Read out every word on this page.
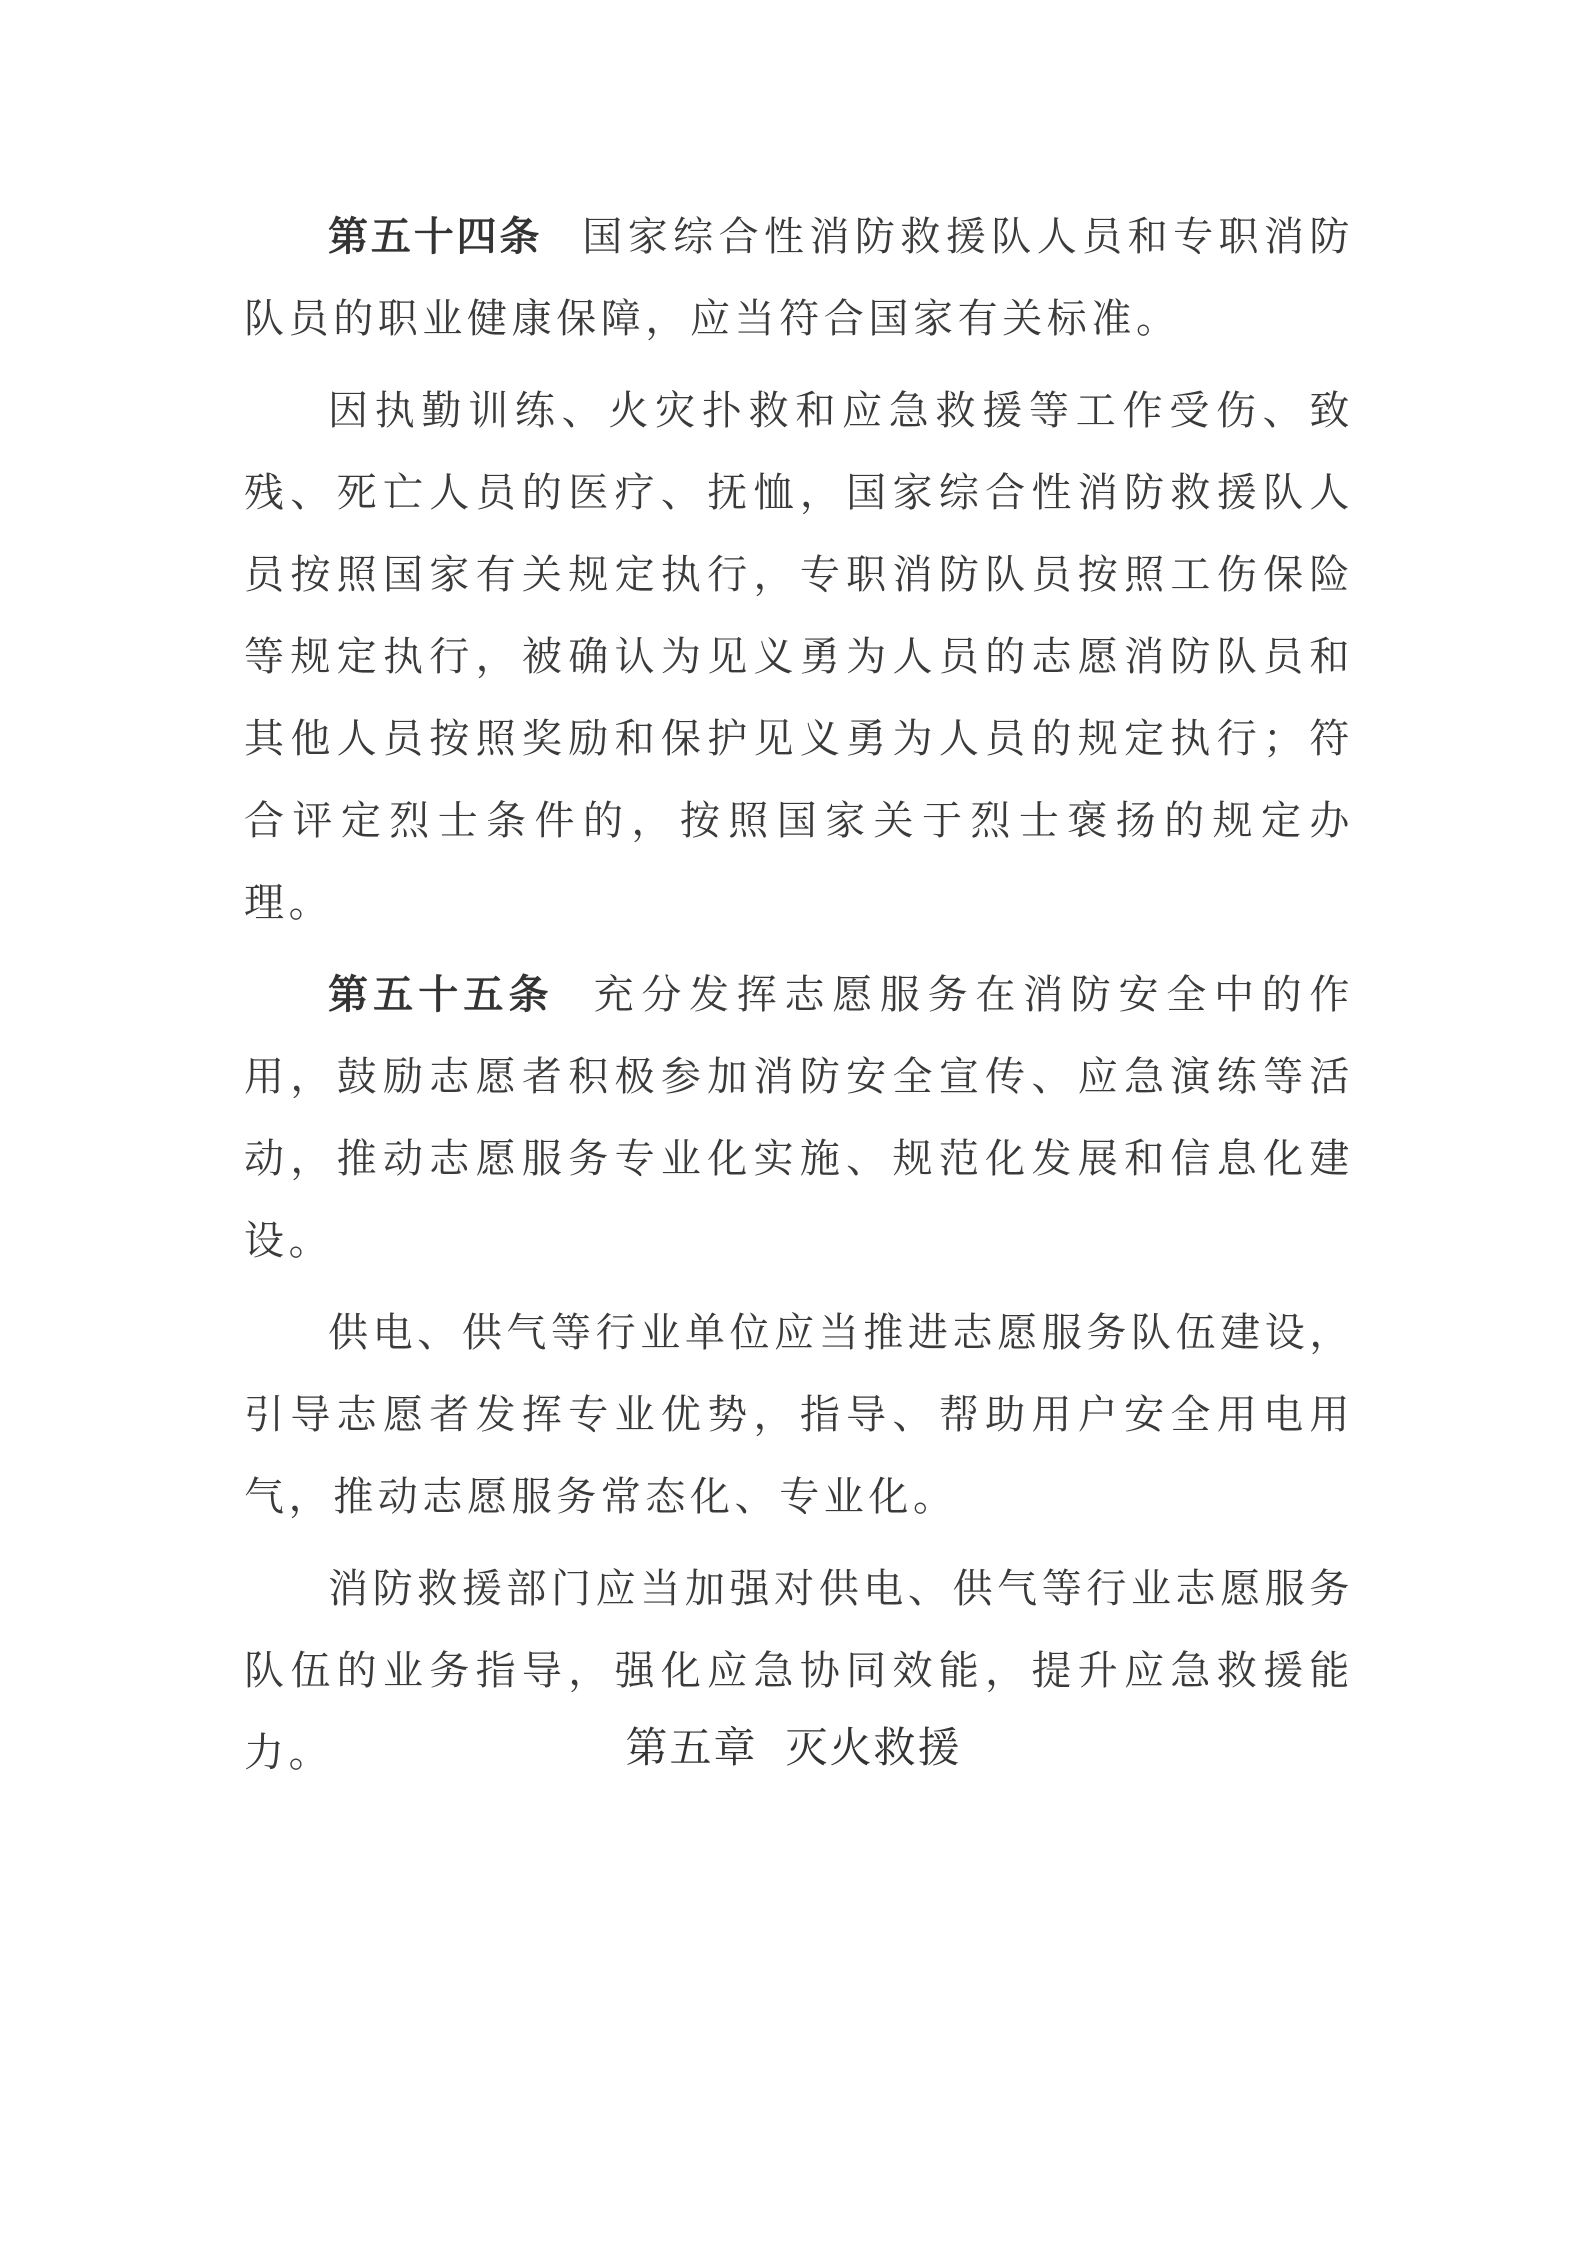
第五十四条 国家综合性消防救援队人员和专职消防队员的职业健康保障，应当符合国家有关标准。

因执勤训练、火灾扑救和应急救援等工作受伤、致残、死亡人员的医疗、抚恤，国家综合性消防救援队人员按照国家有关规定执行，专职消防队员按照工伤保险等规定执行，被确认为见义勇为人员的志愿消防队员和其他人员按照奖励和保护见义勇为人员的规定执行；符合评定烈士条件的，按照国家关于烈士褒扬的规定办理。

第五十五条 充分发挥志愿服务在消防安全中的作用，鼓励志愿者积极参加消防安全宣传、应急演练等活动，推动志愿服务专业化实施、规范化发展和信息化建设。

供电、供气等行业单位应当推进志愿服务队伍建设，引导志愿者发挥专业优势，指导、帮助用户安全用电用气，推动志愿服务常态化、专业化。

消防救援部门应当加强对供电、供气等行业志愿服务队伍的业务指导，强化应急协同效能，提升应急救援能力。	第五章 灭火救援
